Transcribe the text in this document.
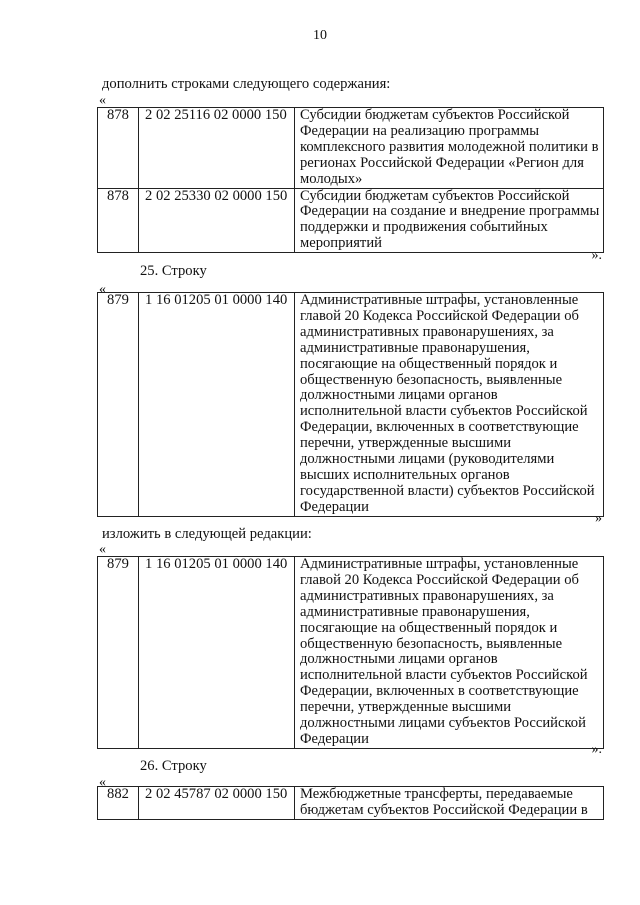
10
дополнить строками следующего содержания:
«
878	2 02 25116 02 0000 150	Субсидии бюджетам субъектов Российской Федерации на реализацию программы комплексного развития молодежной политики в регионах Российской Федерации «Регион для молодых»
878	2 02 25330 02 0000 150	Субсидии бюджетам субъектов Российской Федерации на создание и внедрение программы поддержки и продвижения событийных мероприятий
».
25. Строку
«
879	1 16 01205 01 0000 140	Административные штрафы, установленные главой 20 Кодекса Российской Федерации об административных правонарушениях, за административные правонарушения, посягающие на общественный порядок и общественную безопасность, выявленные должностными лицами органов исполнительной власти субъектов Российской Федерации, включенных в соответствующие перечни, утвержденные высшими должностными лицами (руководителями высших исполнительных органов государственной власти) субъектов Российской Федерации
»
изложить в следующей редакции:
«
879	1 16 01205 01 0000 140	Административные штрафы, установленные главой 20 Кодекса Российской Федерации об административных правонарушениях, за административные правонарушения, посягающие на общественный порядок и общественную безопасность, выявленные должностными лицами органов исполнительной власти субъектов Российской Федерации, включенных в соответствующие перечни, утвержденные высшими должностными лицами субъектов Российской Федерации
».
26. Строку
«
882	2 02 45787 02 0000 150	Межбюджетные трансферты, передаваемые бюджетам субъектов Российской Федерации в
